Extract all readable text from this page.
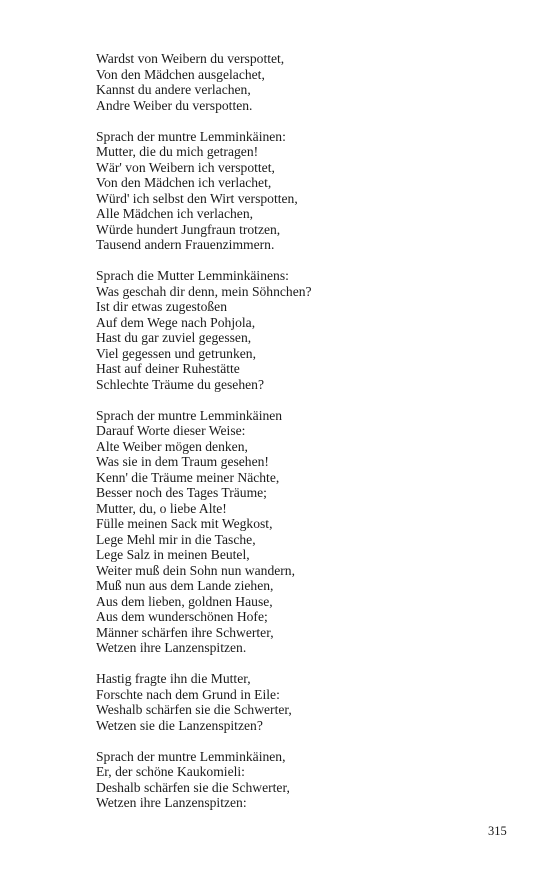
Wardst von Weibern du verspottet,
Von den Mädchen ausgelachet,
Kannst du andere verlachen,
Andre Weiber du verspotten.
Sprach der muntre Lemminkäinen:
Mutter, die du mich getragen!
Wär' von Weibern ich verspottet,
Von den Mädchen ich verlachet,
Würd' ich selbst den Wirt verspotten,
Alle Mädchen ich verlachen,
Würde hundert Jungfraun trotzen,
Tausend andern Frauenzimmern.
Sprach die Mutter Lemminkäinens:
Was geschah dir denn, mein Söhnchen?
Ist dir etwas zugestoßen
Auf dem Wege nach Pohjola,
Hast du gar zuviel gegessen,
Viel gegessen und getrunken,
Hast auf deiner Ruhestätte
Schlechte Träume du gesehen?
Sprach der muntre Lemminkäinen
Darauf Worte dieser Weise:
Alte Weiber mögen denken,
Was sie in dem Traum gesehen!
Kenn' die Träume meiner Nächte,
Besser noch des Tages Träume;
Mutter, du, o liebe Alte!
Fülle meinen Sack mit Wegkost,
Lege Mehl mir in die Tasche,
Lege Salz in meinen Beutel,
Weiter muß dein Sohn nun wandern,
Muß nun aus dem Lande ziehen,
Aus dem lieben, goldnen Hause,
Aus dem wunderschönen Hofe;
Männer schärfen ihre Schwerter,
Wetzen ihre Lanzenspitzen.
Hastig fragte ihn die Mutter,
Forschte nach dem Grund in Eile:
Weshalb schärfen sie die Schwerter,
Wetzen sie die Lanzenspitzen?
Sprach der muntre Lemminkäinen,
Er, der schöne Kaukomieli:
Deshalb schärfen sie die Schwerter,
Wetzen ihre Lanzenspitzen:
315
